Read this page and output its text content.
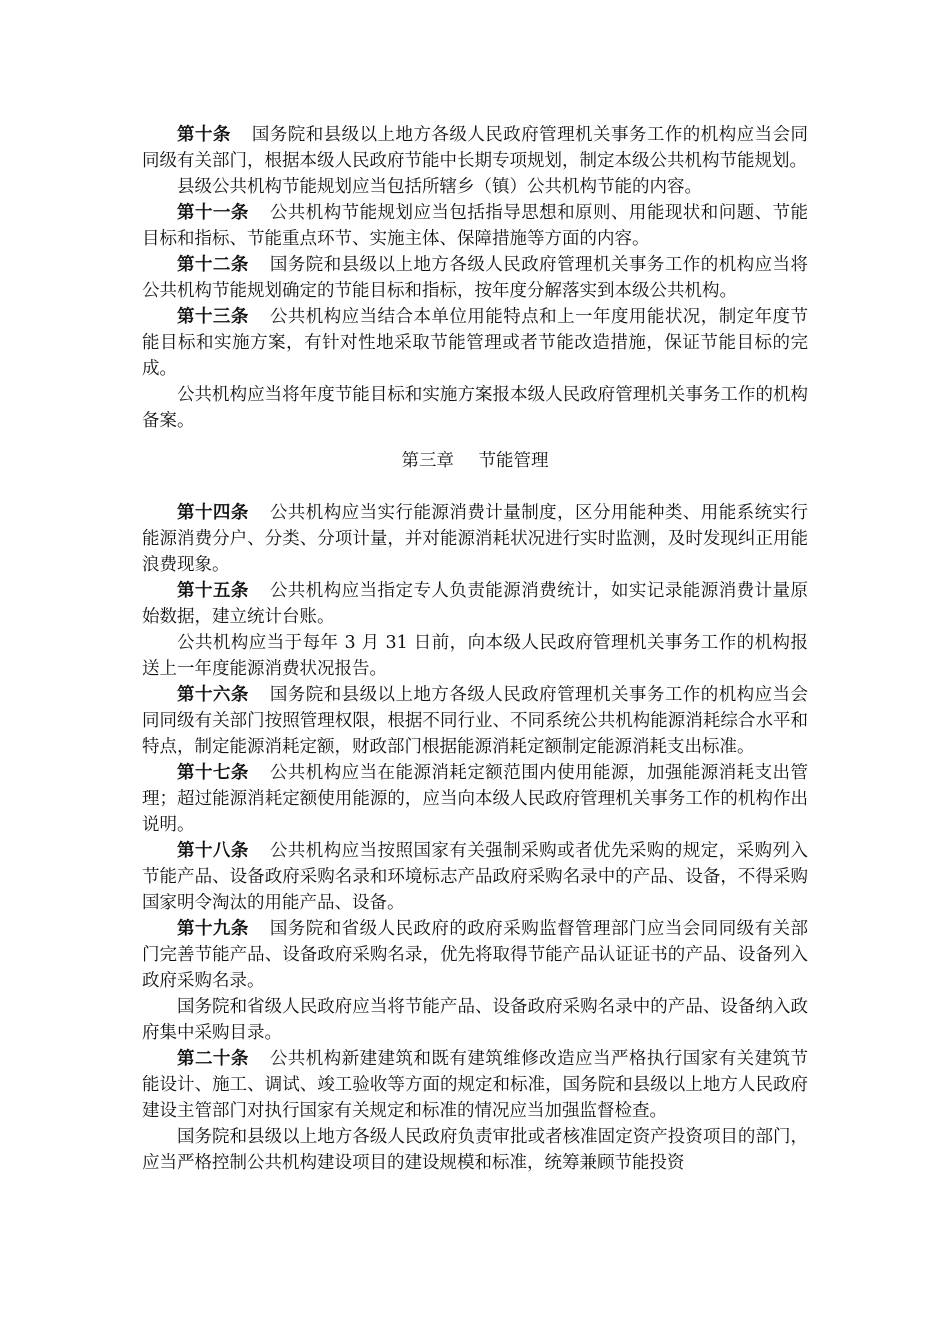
第十条 国务院和县级以上地方各级人民政府管理机关事务工作的机构应当会同同级有关部门，根据本级人民政府节能中长期专项规划，制定本级公共机构节能规划。

县级公共机构节能规划应当包括所辖乡（镇）公共机构节能的内容。

第十一条 公共机构节能规划应当包括指导思想和原则、用能现状和问题、节能目标和指标、节能重点环节、实施主体、保障措施等方面的内容。

第十二条 国务院和县级以上地方各级人民政府管理机关事务工作的机构应当将公共机构节能规划确定的节能目标和指标，按年度分解落实到本级公共机构。

第十三条 公共机构应当结合本单位用能特点和上一年度用能状况，制定年度节能目标和实施方案，有针对性地采取节能管理或者节能改造措施，保证节能目标的完成。

公共机构应当将年度节能目标和实施方案报本级人民政府管理机关事务工作的机构备案。

第三章 节能管理

第十四条 公共机构应当实行能源消费计量制度，区分用能种类、用能系统实行能源消费分户、分类、分项计量，并对能源消耗状况进行实时监测，及时发现纠正用能浪费现象。

第十五条 公共机构应当指定专人负责能源消费统计，如实记录能源消费计量原始数据，建立统计台账。

公共机构应当于每年 3 月 31 日前，向本级人民政府管理机关事务工作的机构报送上一年度能源消费状况报告。

第十六条 国务院和县级以上地方各级人民政府管理机关事务工作的机构应当会同同级有关部门按照管理权限，根据不同行业、不同系统公共机构能源消耗综合水平和特点，制定能源消耗定额，财政部门根据能源消耗定额制定能源消耗支出标准。

第十七条 公共机构应当在能源消耗定额范围内使用能源，加强能源消耗支出管理；超过能源消耗定额使用能源的，应当向本级人民政府管理机关事务工作的机构作出说明。

第十八条 公共机构应当按照国家有关强制采购或者优先采购的规定，采购列入节能产品、设备政府采购名录和环境标志产品政府采购名录中的产品、设备，不得采购国家明令淘汰的用能产品、设备。

第十九条 国务院和省级人民政府的政府采购监督管理部门应当会同同级有关部门完善节能产品、设备政府采购名录，优先将取得节能产品认证证书的产品、设备列入政府采购名录。

国务院和省级人民政府应当将节能产品、设备政府采购名录中的产品、设备纳入政府集中采购目录。

第二十条 公共机构新建建筑和既有建筑维修改造应当严格执行国家有关建筑节能设计、施工、调试、竣工验收等方面的规定和标准，国务院和县级以上地方人民政府建设主管部门对执行国家有关规定和标准的情况应当加强监督检查。

国务院和县级以上地方各级人民政府负责审批或者核准固定资产投资项目的部门，应当严格控制公共机构建设项目的建设规模和标准，统筹兼顾节能投资
